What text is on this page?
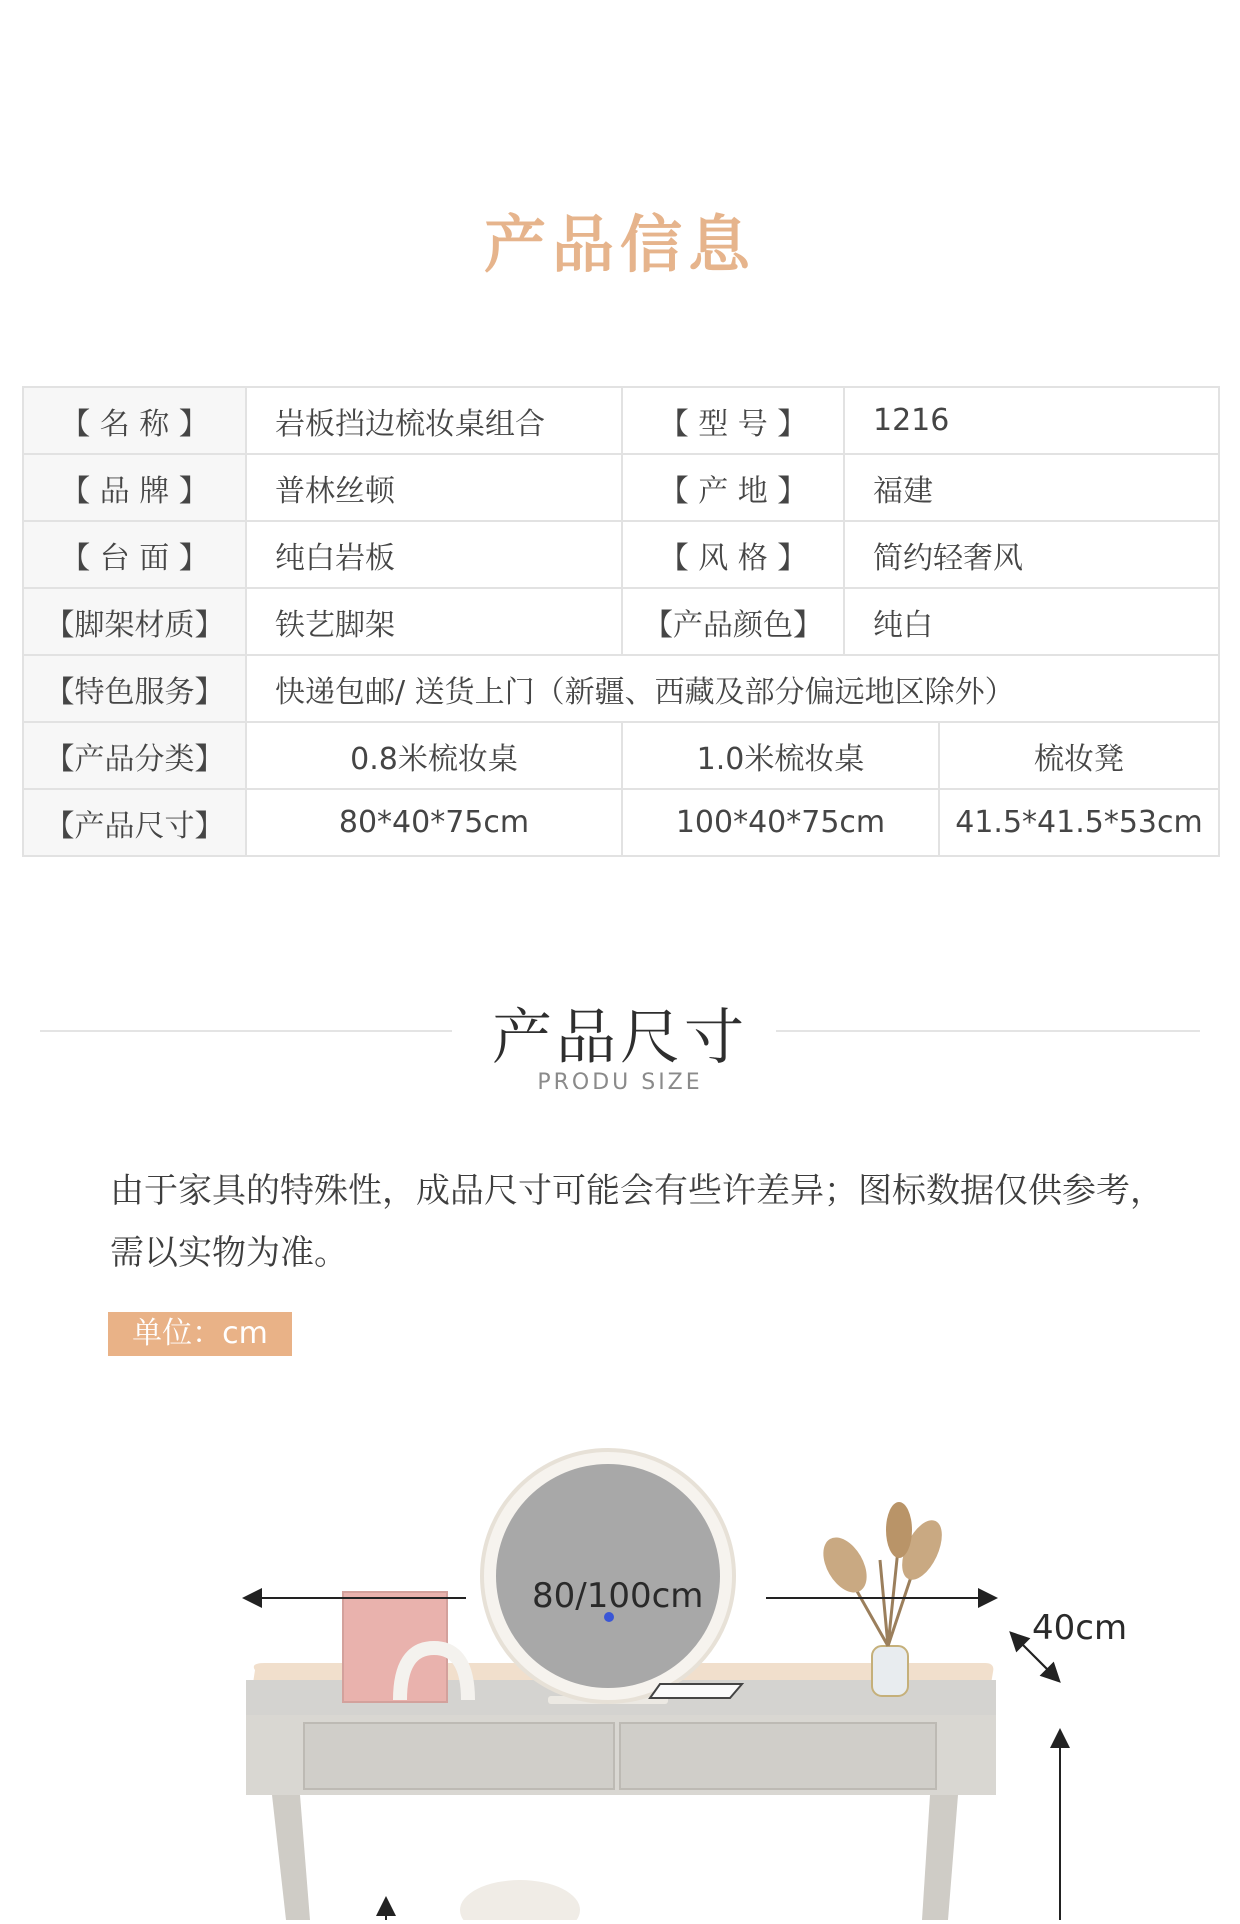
产品信息
【 名 称 】	岩板挡边梳妆桌组合	【 型 号 】	1216	
【 品 牌 】	普林丝顿	【 产 地 】	福建	
【 台 面 】	纯白岩板	【 风 格 】	简约轻奢风	
【脚架材质】	铁艺脚架	【产品颜色】	纯白	
【特色服务】	快递包邮/ 送货上门（新疆、西藏及部分偏远地区除外）			
【产品分类】	0.8米梳妆桌	1.0米梳妆桌		梳妆凳
【产品尺寸】	80*40*75cm	100*40*75cm		41.5*41.5*53cm
产品尺寸
PRODU SIZE
由于家具的特殊性，成品尺寸可能会有些许差异；图标数据仅供参考，需以实物为准。
单位：cm
80/100cm
40cm
